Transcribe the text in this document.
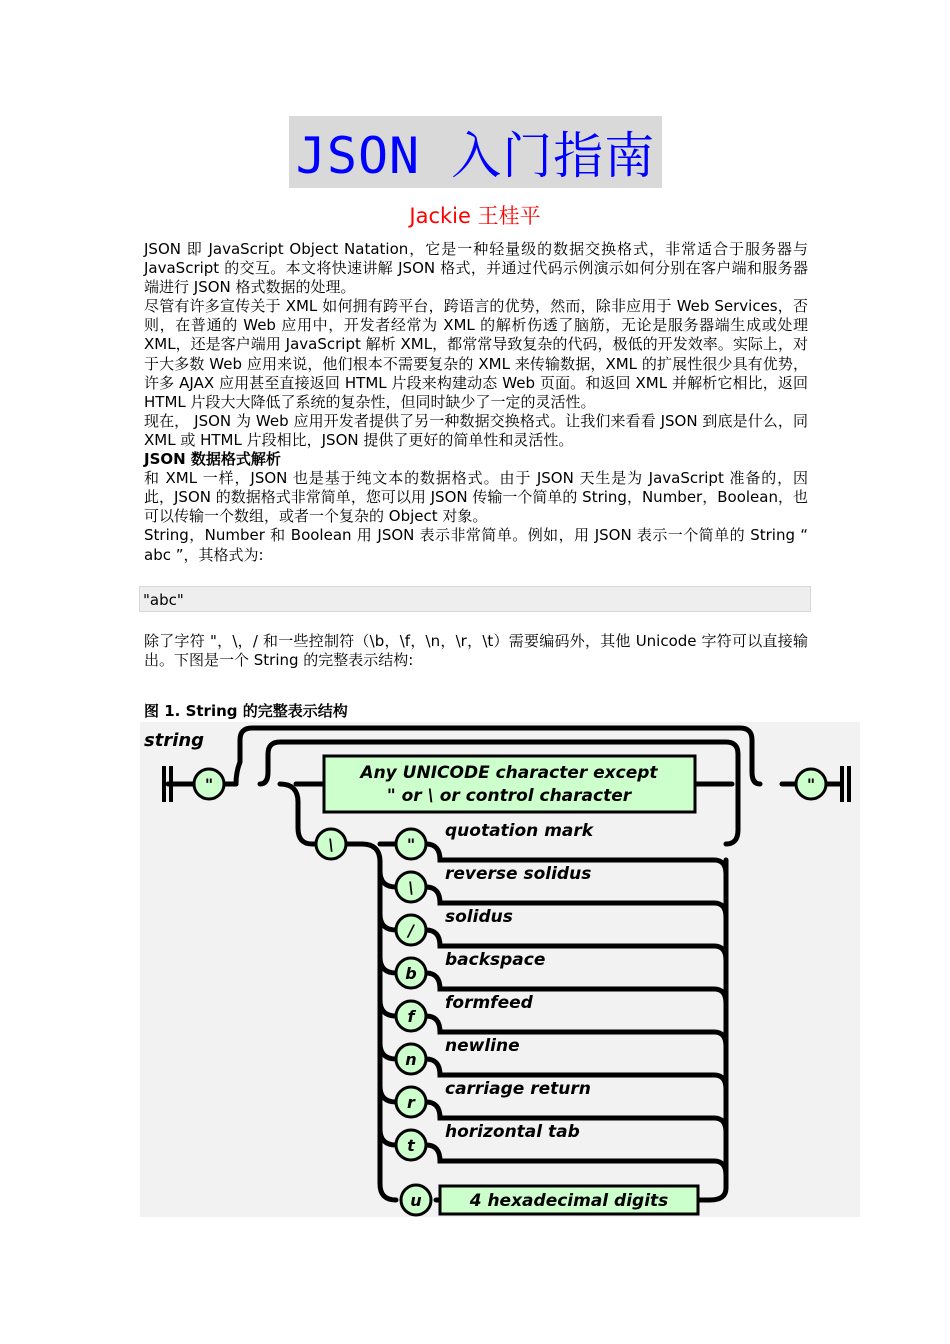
JSON 入门指南
Jackie 王桂平

JSON 即 JavaScript Object Natation，它是一种轻量级的数据交换格式，非常适合于服务器与 JavaScript 的交互。本文将快速讲解 JSON 格式，并通过代码示例演示如何分别在客户端和服务器端进行 JSON 格式数据的处理。

尽管有许多宣传关于 XML 如何拥有跨平台，跨语言的优势，然而，除非应用于 Web Services，否则，在普通的 Web 应用中，开发者经常为 XML 的解析伤透了脑筋，无论是服务器端生成或处理 XML，还是客户端用 JavaScript 解析 XML，都常常导致复杂的代码，极低的开发效率。实际上，对于大多数 Web 应用来说，他们根本不需要复杂的 XML 来传输数据，XML 的扩展性很少具有优势，许多 AJAX 应用甚至直接返回 HTML 片段来构建动态 Web 页面。和返回 XML 并解析它相比，返回 HTML 片段大大降低了系统的复杂性，但同时缺少了一定的灵活性。

现在， JSON 为 Web 应用开发者提供了另一种数据交换格式。让我们来看看 JSON 到底是什么，同 XML 或 HTML 片段相比，JSON 提供了更好的简单性和灵活性。

JSON 数据格式解析

和 XML 一样，JSON 也是基于纯文本的数据格式。由于 JSON 天生是为 JavaScript 准备的，因此，JSON 的数据格式非常简单，您可以用 JSON 传输一个简单的 String，Number，Boolean，也可以传输一个数组，或者一个复杂的 Object 对象。

String，Number 和 Boolean 用 JSON 表示非常简单。例如，用 JSON 表示一个简单的 String “ abc ”，其格式为:

"abc"

除了字符 "，\，/ 和一些控制符（\b，\f，\n，\r，\t）需要编码外，其他 Unicode 字符可以直接输出。下图是一个 String 的完整表示结构:

图 1. String 的完整表示结构
"	"
\
string
Any UNICODE character except
" or \ or control character
"
quotation mark
\
reverse solidus
/
solidus
b
backspace
f
formfeed
n
newline
r
carriage return
t
horizontal tab
u	4 hexadecimal digits
